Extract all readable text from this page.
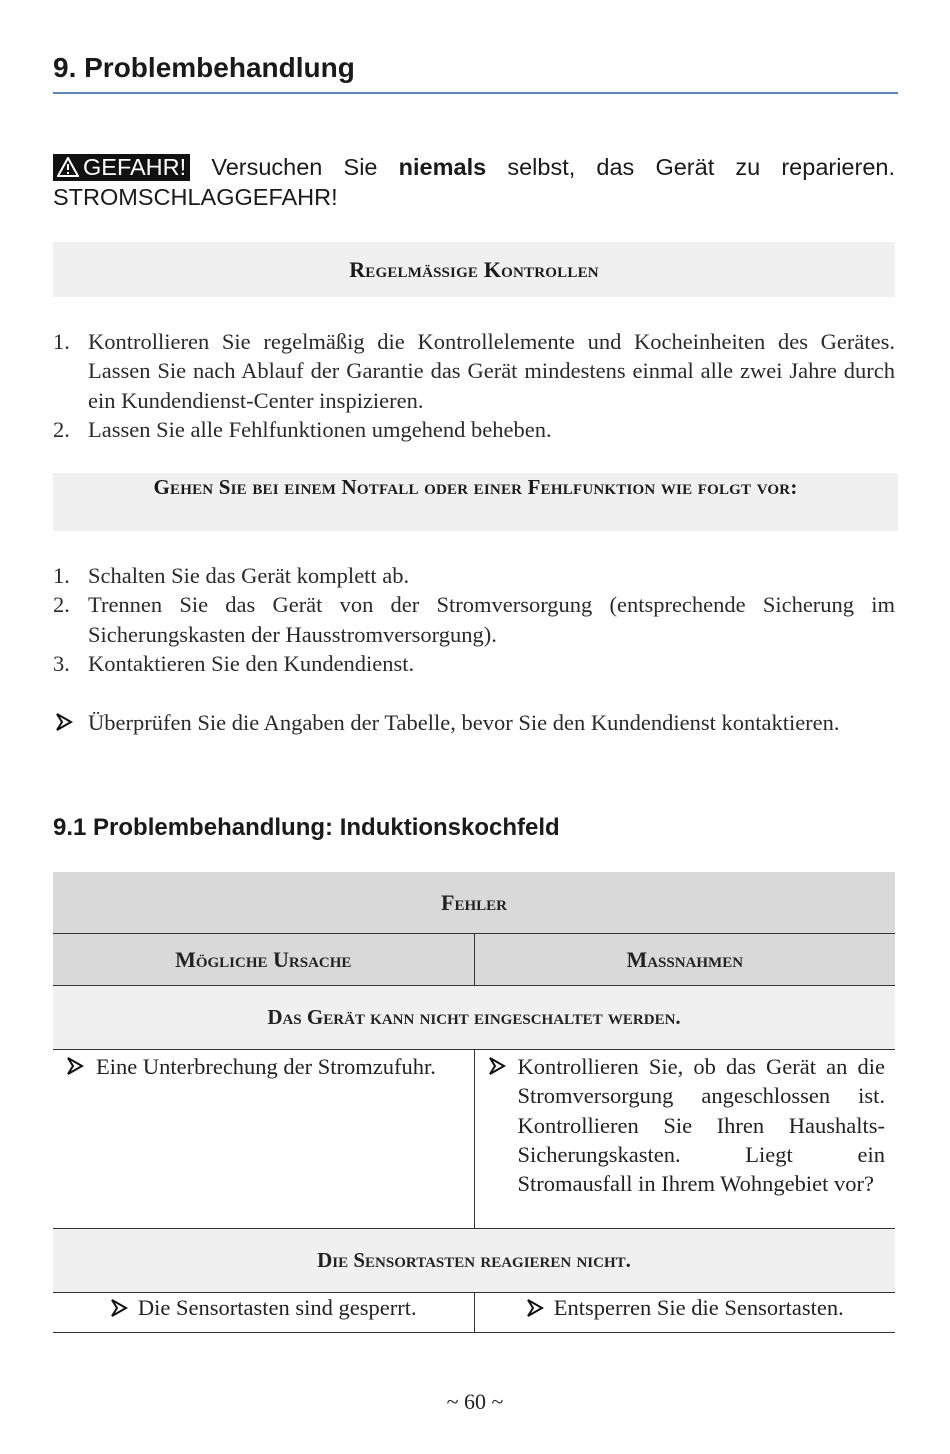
9. Problembehandlung
GEFAHR! Versuchen Sie niemals selbst, das Gerät zu reparieren. STROMSCHLAGGEFAHR!
Regelmäßige Kontrollen
1. Kontrollieren Sie regelmäßig die Kontrollelemente und Kocheinheiten des Gerätes. Lassen Sie nach Ablauf der Garantie das Gerät mindestens einmal alle zwei Jahre durch ein Kundendienst-Center inspizieren.
2. Lassen Sie alle Fehlfunktionen umgehend beheben.
Gehen Sie bei einem Notfall oder einer Fehlfunktion wie folgt vor:
1. Schalten Sie das Gerät komplett ab.
2. Trennen Sie das Gerät von der Stromversorgung (entsprechende Sicherung im Sicherungskasten der Hausstromversorgung).
3. Kontaktieren Sie den Kundendienst.
Überprüfen Sie die Angaben der Tabelle, bevor Sie den Kundendienst kontaktieren.
9.1 Problembehandlung: Induktionskochfeld
Fehler	
Mögliche Ursache	Maßnahmen
Das Gerät kann nicht eingeschaltet werden.	

Eine Unterbrechung der Stromzufuhr.	Kontrollieren Sie, ob das Gerät an die Stromversorgung angeschlossen ist. Kontrollieren Sie Ihren Haushalts-Sicherungskasten. Liegt ein Stromausfall in Ihrem Wohngebiet vor?

Die Sensortasten reagieren nicht.	
Die Sensortasten sind gesperrt.	Entsperren Sie die Sensortasten.
~ 60 ~
